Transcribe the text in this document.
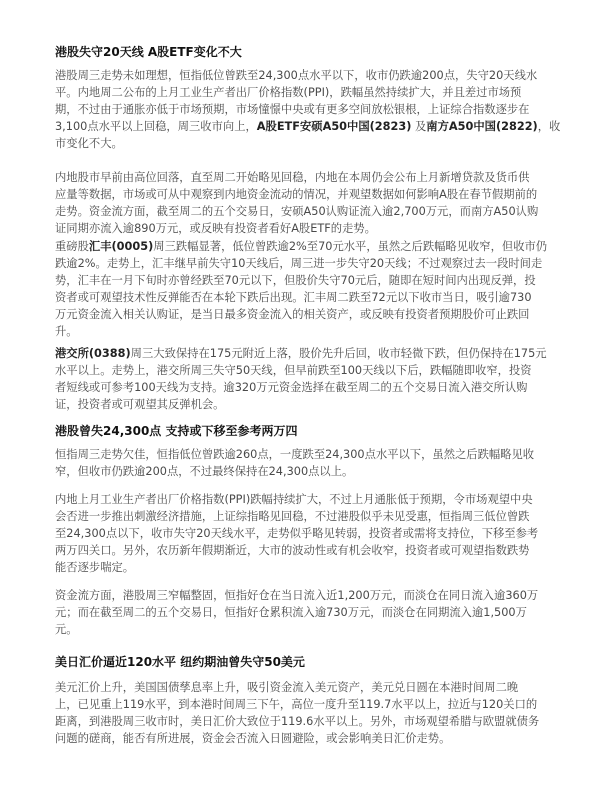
港股失守20天线 A股ETF变化不大
港股周三走势未如理想，恒指低位曾跌至24,300点水平以下，收市仍跌逾200点，失守20天线水
平。内地周二公布的上月工业生产者出厂价格指数(PPI)，跌幅虽然持续扩大，并且差过市场预
期，不过由于通胀亦低于市场预期，市场憧憬中央或有更多空间放松银根，上证综合指数逐步在
3,100点水平以上回稳，周三收市向上，A股ETF安硕A50中国(2823) 及南方A50中国(2822)，收
市变化不大。
内地股市早前由高位回落，直至周二开始略见回稳，内地在本周仍会公布上月新增贷款及货币供
应量等数据，市场或可从中观察到内地资金流动的情况，并观望数据如何影响A股在春节假期前的
走势。资金流方面，截至周二的五个交易日，安硕A50认购证流入逾2,700万元，而南方A50认购
证同期亦流入逾890万元，或反映有投资者看好A股ETF的走势。
重磅股汇丰(0005)周三跌幅显著，低位曾跌逾2%至70元水平，虽然之后跌幅略见收窄，但收市仍
跌逾2%。走势上，汇丰继早前失守10天线后，周三进一步失守20天线；不过观察过去一段时间走
势，汇丰在一月下旬时亦曾经跌至70元以下，但股价失守70元后，随即在短时间内出现反弹，投
资者或可观望技术性反弹能否在本轮下跌后出现。汇丰周二跌至72元以下收市当日，吸引逾730
万元资金流入相关认购证，是当日最多资金流入的相关资产，或反映有投资者预期股价可止跌回
升。
港交所(0388)周三大致保持在175元附近上落，股价先升后回，收市轻微下跌，但仍保持在175元
水平以上。走势上，港交所周三失守50天线，但早前跌至100天线以下后，跌幅随即收窄，投资
者短线或可参考100天线为支持。逾320万元资金选择在截至周二的五个交易日流入港交所认购
证，投资者或可观望其反弹机会。
港股曾失24,300点 支持或下移至参考两万四
恒指周三走势欠佳，恒指低位曾跌逾260点，一度跌至24,300点水平以下，虽然之后跌幅略见收
窄，但收市仍跌逾200点，不过最终保持在24,300点以上。
内地上月工业生产者出厂价格指数(PPI)跌幅持续扩大，不过上月通胀低于预期，令市场观望中央
会否进一步推出刺激经济措施，上证综指略见回稳，不过港股似乎未见受惠，恒指周三低位曾跌
至24,300点以下，收市失守20天线水平，走势似乎略见转弱，投资者或需将支持位，下移至参考
两万四关口。另外，农历新年假期渐近，大市的波动性或有机会收窄，投资者或可观望指数跌势
能否逐步喘定。
资金流方面，港股周三窄幅整固，恒指好仓在当日流入近1,200万元，而淡仓在同日流入逾360万
元；而在截至周二的五个交易日，恒指好仓累积流入逾730万元，而淡仓在同期流入逾1,500万
元。
美日汇价逼近120水平 纽约期油曾失守50美元
美元汇价上升，美国国债孳息率上升，吸引资金流入美元资产，美元兑日圆在本港时间周二晚
上，已见重上119水平，到本港时间周三下午，高位一度升至119.7水平以上，拉近与120关口的
距离，到港股周三收市时，美日汇价大致位于119.6水平以上。另外，市场观望希腊与欧盟就债务
问题的磋商，能否有所进展，资金会否流入日圆避险，或会影响美日汇价走势。
